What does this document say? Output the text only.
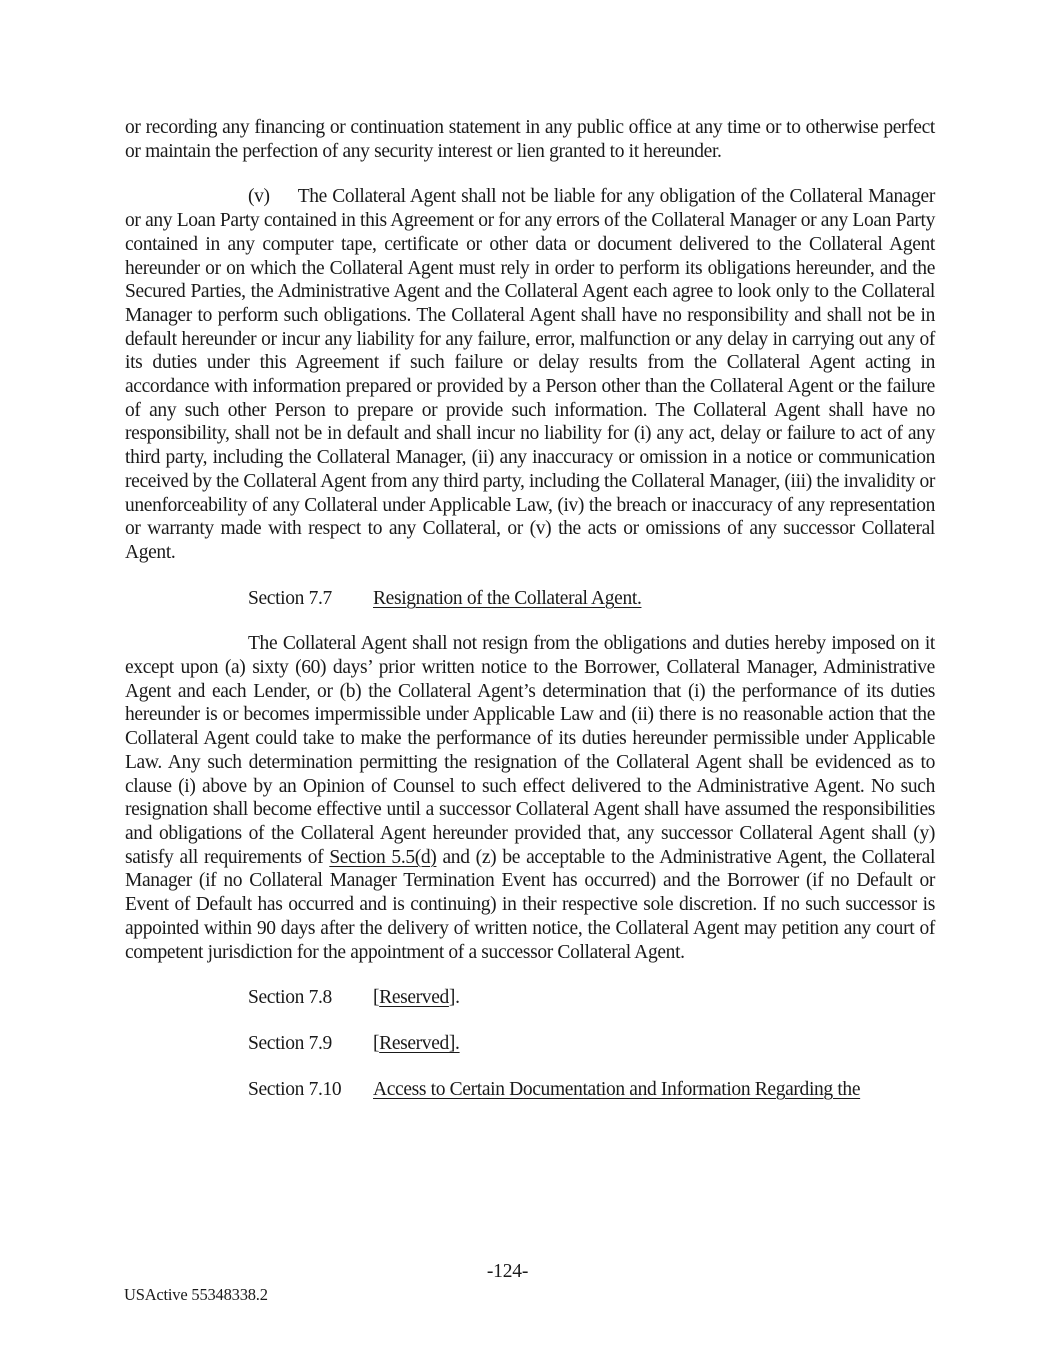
or recording any financing or continuation statement in any public office at any time or to otherwise perfect or maintain the perfection of any security interest or lien granted to it hereunder.

(v) The Collateral Agent shall not be liable for any obligation of the Collateral Manager or any Loan Party contained in this Agreement or for any errors of the Collateral Manager or any Loan Party contained in any computer tape, certificate or other data or document delivered to the Collateral Agent hereunder or on which the Collateral Agent must rely in order to perform its obligations hereunder, and the Secured Parties, the Administrative Agent and the Collateral Agent each agree to look only to the Collateral Manager to perform such obligations. The Collateral Agent shall have no responsibility and shall not be in default hereunder or incur any liability for any failure, error, malfunction or any delay in carrying out any of its duties under this Agreement if such failure or delay results from the Collateral Agent acting in accordance with information prepared or provided by a Person other than the Collateral Agent or the failure of any such other Person to prepare or provide such information. The Collateral Agent shall have no responsibility, shall not be in default and shall incur no liability for (i) any act, delay or failure to act of any third party, including the Collateral Manager, (ii) any inaccuracy or omission in a notice or communication received by the Collateral Agent from any third party, including the Collateral Manager, (iii) the invalidity or unenforceability of any Collateral under Applicable Law, (iv) the breach or inaccuracy of any representation or warranty made with respect to any Collateral, or (v) the acts or omissions of any successor Collateral Agent.

Section 7.7 Resignation of the Collateral Agent.

The Collateral Agent shall not resign from the obligations and duties hereby imposed on it except upon (a) sixty (60) days’ prior written notice to the Borrower, Collateral Manager, Administrative Agent and each Lender, or (b) the Collateral Agent’s determination that (i) the performance of its duties hereunder is or becomes impermissible under Applicable Law and (ii) there is no reasonable action that the Collateral Agent could take to make the performance of its duties hereunder permissible under Applicable Law. Any such determination permitting the resignation of the Collateral Agent shall be evidenced as to clause (i) above by an Opinion of Counsel to such effect delivered to the Administrative Agent. No such resignation shall become effective until a successor Collateral Agent shall have assumed the responsibilities and obligations of the Collateral Agent hereunder provided that, any successor Collateral Agent shall (y) satisfy all requirements of Section 5.5(d) and (z) be acceptable to the Administrative Agent, the Collateral Manager (if no Collateral Manager Termination Event has occurred) and the Borrower (if no Default or Event of Default has occurred and is continuing) in their respective sole discretion. If no such successor is appointed within 90 days after the delivery of written notice, the Collateral Agent may petition any court of competent jurisdiction for the appointment of a successor Collateral Agent.

Section 7.8 [Reserved].

Section 7.9 [Reserved].

Section 7.10 Access to Certain Documentation and Information Regarding the

-124-
USActive 55348338.2
